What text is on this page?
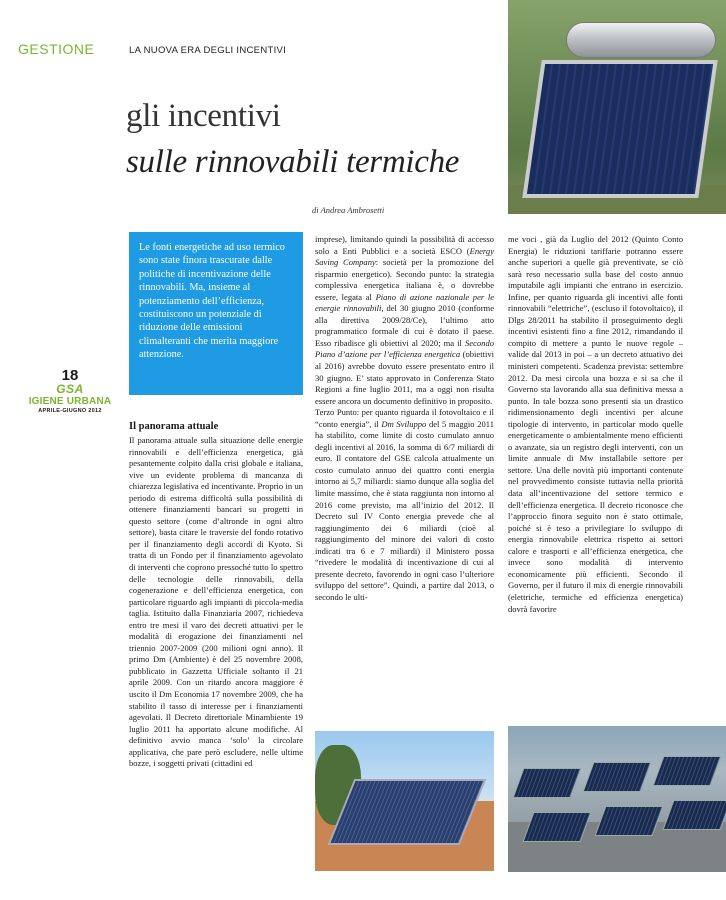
GESTIONE	LA NUOVA ERA DEGLI INCENTIVI
gli incentivi
sulle rinnovabili termiche
di Andrea Ambrosetti
18
GSA
IGIENE URBANA
APRILE-GIUGNO 2012
Le fonti energetiche ad uso termico sono state finora trascurate dalle politiche di incentivazione delle rinnovabili. Ma, insieme al potenziamento dell’efficienza, costituiscono un potenziale di riduzione delle emissioni climalteranti che merita maggiore attenzione.
Il panorama attuale

Il panorama attuale sulla situazione delle energie rinnovabili e dell’efficienza energetica, già pesantemente colpito dalla crisi globale e italiana, vive un evidente problema di mancanza di chiarezza legislativa ed incentivante. Proprio in un periodo di estrema difficoltà sulla possibilità di ottenere finanziamenti bancari su progetti in questo settore (come d’altronde in ogni altro settore), basta citare le traversie del fondo rotativo per il finanziamento degli accordi di Kyoto. Si tratta di un Fondo per il finanziamento agevolato di interventi che coprono pressoché tutto lo spettro delle tecnologie delle rinnovabili, della cogenerazione e dell’efficienza energetica, con particolare riguardo agli impianti di piccola-media taglia. Istituito dalla Finanziaria 2007, richiedeva entro tre mesi il varo dei decreti attuativi per le modalità di erogazione dei finanziamenti nel triennio 2007-2009 (200 milioni ogni anno). Il primo Dm (Ambiente) è del 25 novembre 2008, pubblicato in Gazzetta Ufficiale soltanto il 21 aprile 2009. Con un ritardo ancora maggiore è uscito il Dm Economia 17 novembre 2009, che ha stabilito il tasso di interesse per i finanziamenti agevolati. Il Decreto direttoriale Minambiente 19 luglio 2011 ha apportato alcune modifiche. Al definitivo avvio manca ‘solo’ la circolare applicativa, che pare però escludere, nelle ultime bozze, i soggetti privati (cittadini ed

imprese), limitando quindi la possibilità di accesso solo a Enti Pubblici e a società ESCO (Energy Saving Company: società per la promozione del risparmio energetico). Secondo punto: la strategia complessiva energetica italiana è, o dovrebbe essere, legata al Piano di azione nazionale per le energie rinnovabili, del 30 giugno 2010 (conforme alla direttiva 2009/28/Ce), l’ultimo atto programmatico formale di cui è dotato il paese. Esso ribadisce gli obiettivi al 2020; ma il Secondo Piano d’azione per l’efficienza energetica (obiettivi al 2016) avrebbe dovuto essere presentato entro il 30 giugno. E’ stato approvato in Conferenza Stato Regioni a fine luglio 2011, ma a oggi non risulta essere ancora un documento definitivo in proposito.

Terzo Punto: per quanto riguarda il fotovoltaico e il “conto energia”, il Dm Sviluppo del 5 maggio 2011 ha stabilito, come limite di costo cumulato annuo degli incentivi al 2016, la somma di 6/7 miliardi di euro. Il contatore del GSE calcola attualmente un costo cumulato annuo dei quattro conti energia intorno ai 5,7 miliardi: siamo dunque alla soglia del limite massimo, che è stata raggiunta non intorno al 2016 come previsto, ma all’inizio del 2012. Il Decreto sul IV Conto energia prevede che al raggiungimento dei 6 miliardi (cioè al raggiungimento del minore dei valori di costo indicati tra 6 e 7 miliardi) il Ministero possa “rivedere le modalità di incentivazione di cui al presente decreto, favorendo in ogni caso l’ulteriore sviluppo del settore”. Quindi, a partire dal 2013, o secondo le ulti-

me voci , già da Luglio del 2012 (Quinto Conto Energia) le riduzioni tariffarie potranno essere anche superiori a quelle già preventivate, se ciò sarà reso necessario sulla base del costo annuo imputabile agli impianti che entrano in esercizio. Infine, per quanto riguarda gli incentivi alle fonti rinnovabili “elettriche”, (escluso il fotovoltaico), il Dlgs 28/2011 ha stabilito il proseguimento degli incentivi esistenti fino a fine 2012, rimandando il compito di mettere a punto le nuove regole – valide dal 2013 in poi – a un decreto attuativo dei ministeri competenti. Scadenza prevista: settembre 2012. Da mesi circola una bozza e si sa che il Governo sta lavorando alla sua definitiva messa a punto. In tale bozza sono presenti sia un drastico ridimensionamento degli incentivi per alcune tipologie di intervento, in particolar modo quelle energeticamente o ambientalmente meno efficienti o avanzate, sia un registro degli interventi, con un limite annuale di Mw installabile settore per settore. Una delle novità più importanti contenute nel provvedimento consiste tuttavia nella priorità data all’incentivazione del settore termico e dell’efficienza energetica. Il decreto riconosce che l’approccio finora seguito non è stato ottimale, poiché si è teso a privilegiare lo sviluppo di energia rinnovabile elettrica rispetto ai settori calore e trasporti e all’efficienza energetica, che invece sono modalità di intervento economicamente più efficienti. Secondo il Governo, per il futuro il mix di energie rinnovabili (elettriche, termiche ed efficienza energetica) dovrà favorire
